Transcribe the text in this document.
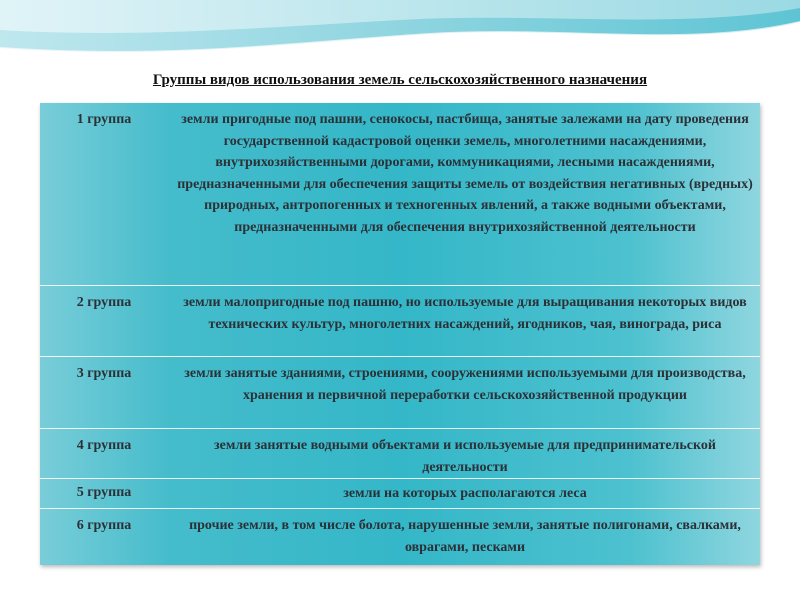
Группы видов использования земель сельскохозяйственного назначения
1 группа	земли пригодные под пашни, сенокосы, пастбища, занятые залежами на дату проведения государственной кадастровой оценки земель, многолетними насаждениями, внутрихозяйственными дорогами, коммуникациями, лесными насаждениями, предназначенными для обеспечения защиты земель от воздействия негативных (вредных) природных, антропогенных и техногенных явлений, а также водными объектами, предназначенными для обеспечения внутрихозяйственной деятельности
2 группа	земли малопригодные под пашню, но используемые для выращивания некоторых видов технических культур, многолетних насаждений, ягодников, чая, винограда, риса
3 группа	земли занятые зданиями, строениями, сооружениями используемыми для производства, хранения и первичной переработки сельскохозяйственной продукции
4 группа	земли занятые водными объектами и используемые для предпринимательской деятельности
5 группа	земли на которых располагаются леса
6 группа	прочие земли, в том числе болота, нарушенные земли, занятые полигонами, свалками, оврагами, песками
